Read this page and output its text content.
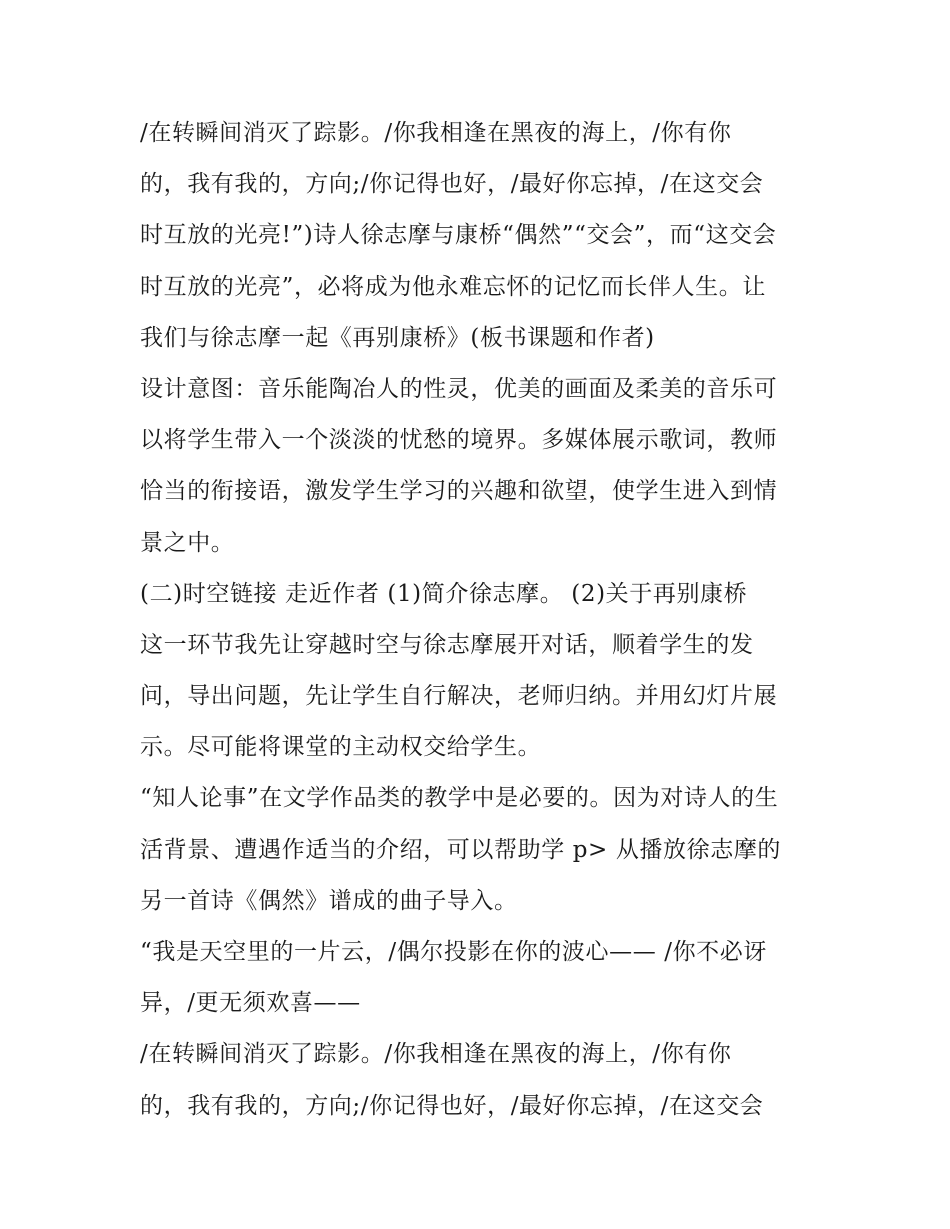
/在转瞬间消灭了踪影。/你我相逢在黑夜的海上，/你有你
的，我有我的，方向;/你记得也好，/最好你忘掉，/在这交会
时互放的光亮!”)诗人徐志摩与康桥“偶然”“交会”，而“这交会
时互放的光亮”，必将成为他永难忘怀的记忆而长伴人生。让
我们与徐志摩一起《再别康桥》(板书课题和作者)
设计意图：音乐能陶冶人的性灵，优美的画面及柔美的音乐可
以将学生带入一个淡淡的忧愁的境界。多媒体展示歌词，教师
恰当的衔接语，激发学生学习的兴趣和欲望，使学生进入到情
景之中。
(二)时空链接 走近作者 (1)简介徐志摩。 (2)关于再别康桥
这一环节我先让穿越时空与徐志摩展开对话，顺着学生的发
问，导出问题，先让学生自行解决，老师归纳。并用幻灯片展
示。尽可能将课堂的主动权交给学生。
“知人论事”在文学作品类的教学中是必要的。因为对诗人的生
活背景、遭遇作适当的介绍，可以帮助学 p> 从播放徐志摩的
另一首诗《偶然》谱成的曲子导入。
“我是天空里的一片云，/偶尔投影在你的波心—— /你不必讶
异，/更无须欢喜——
/在转瞬间消灭了踪影。/你我相逢在黑夜的海上，/你有你
的，我有我的，方向;/你记得也好，/最好你忘掉，/在这交会
